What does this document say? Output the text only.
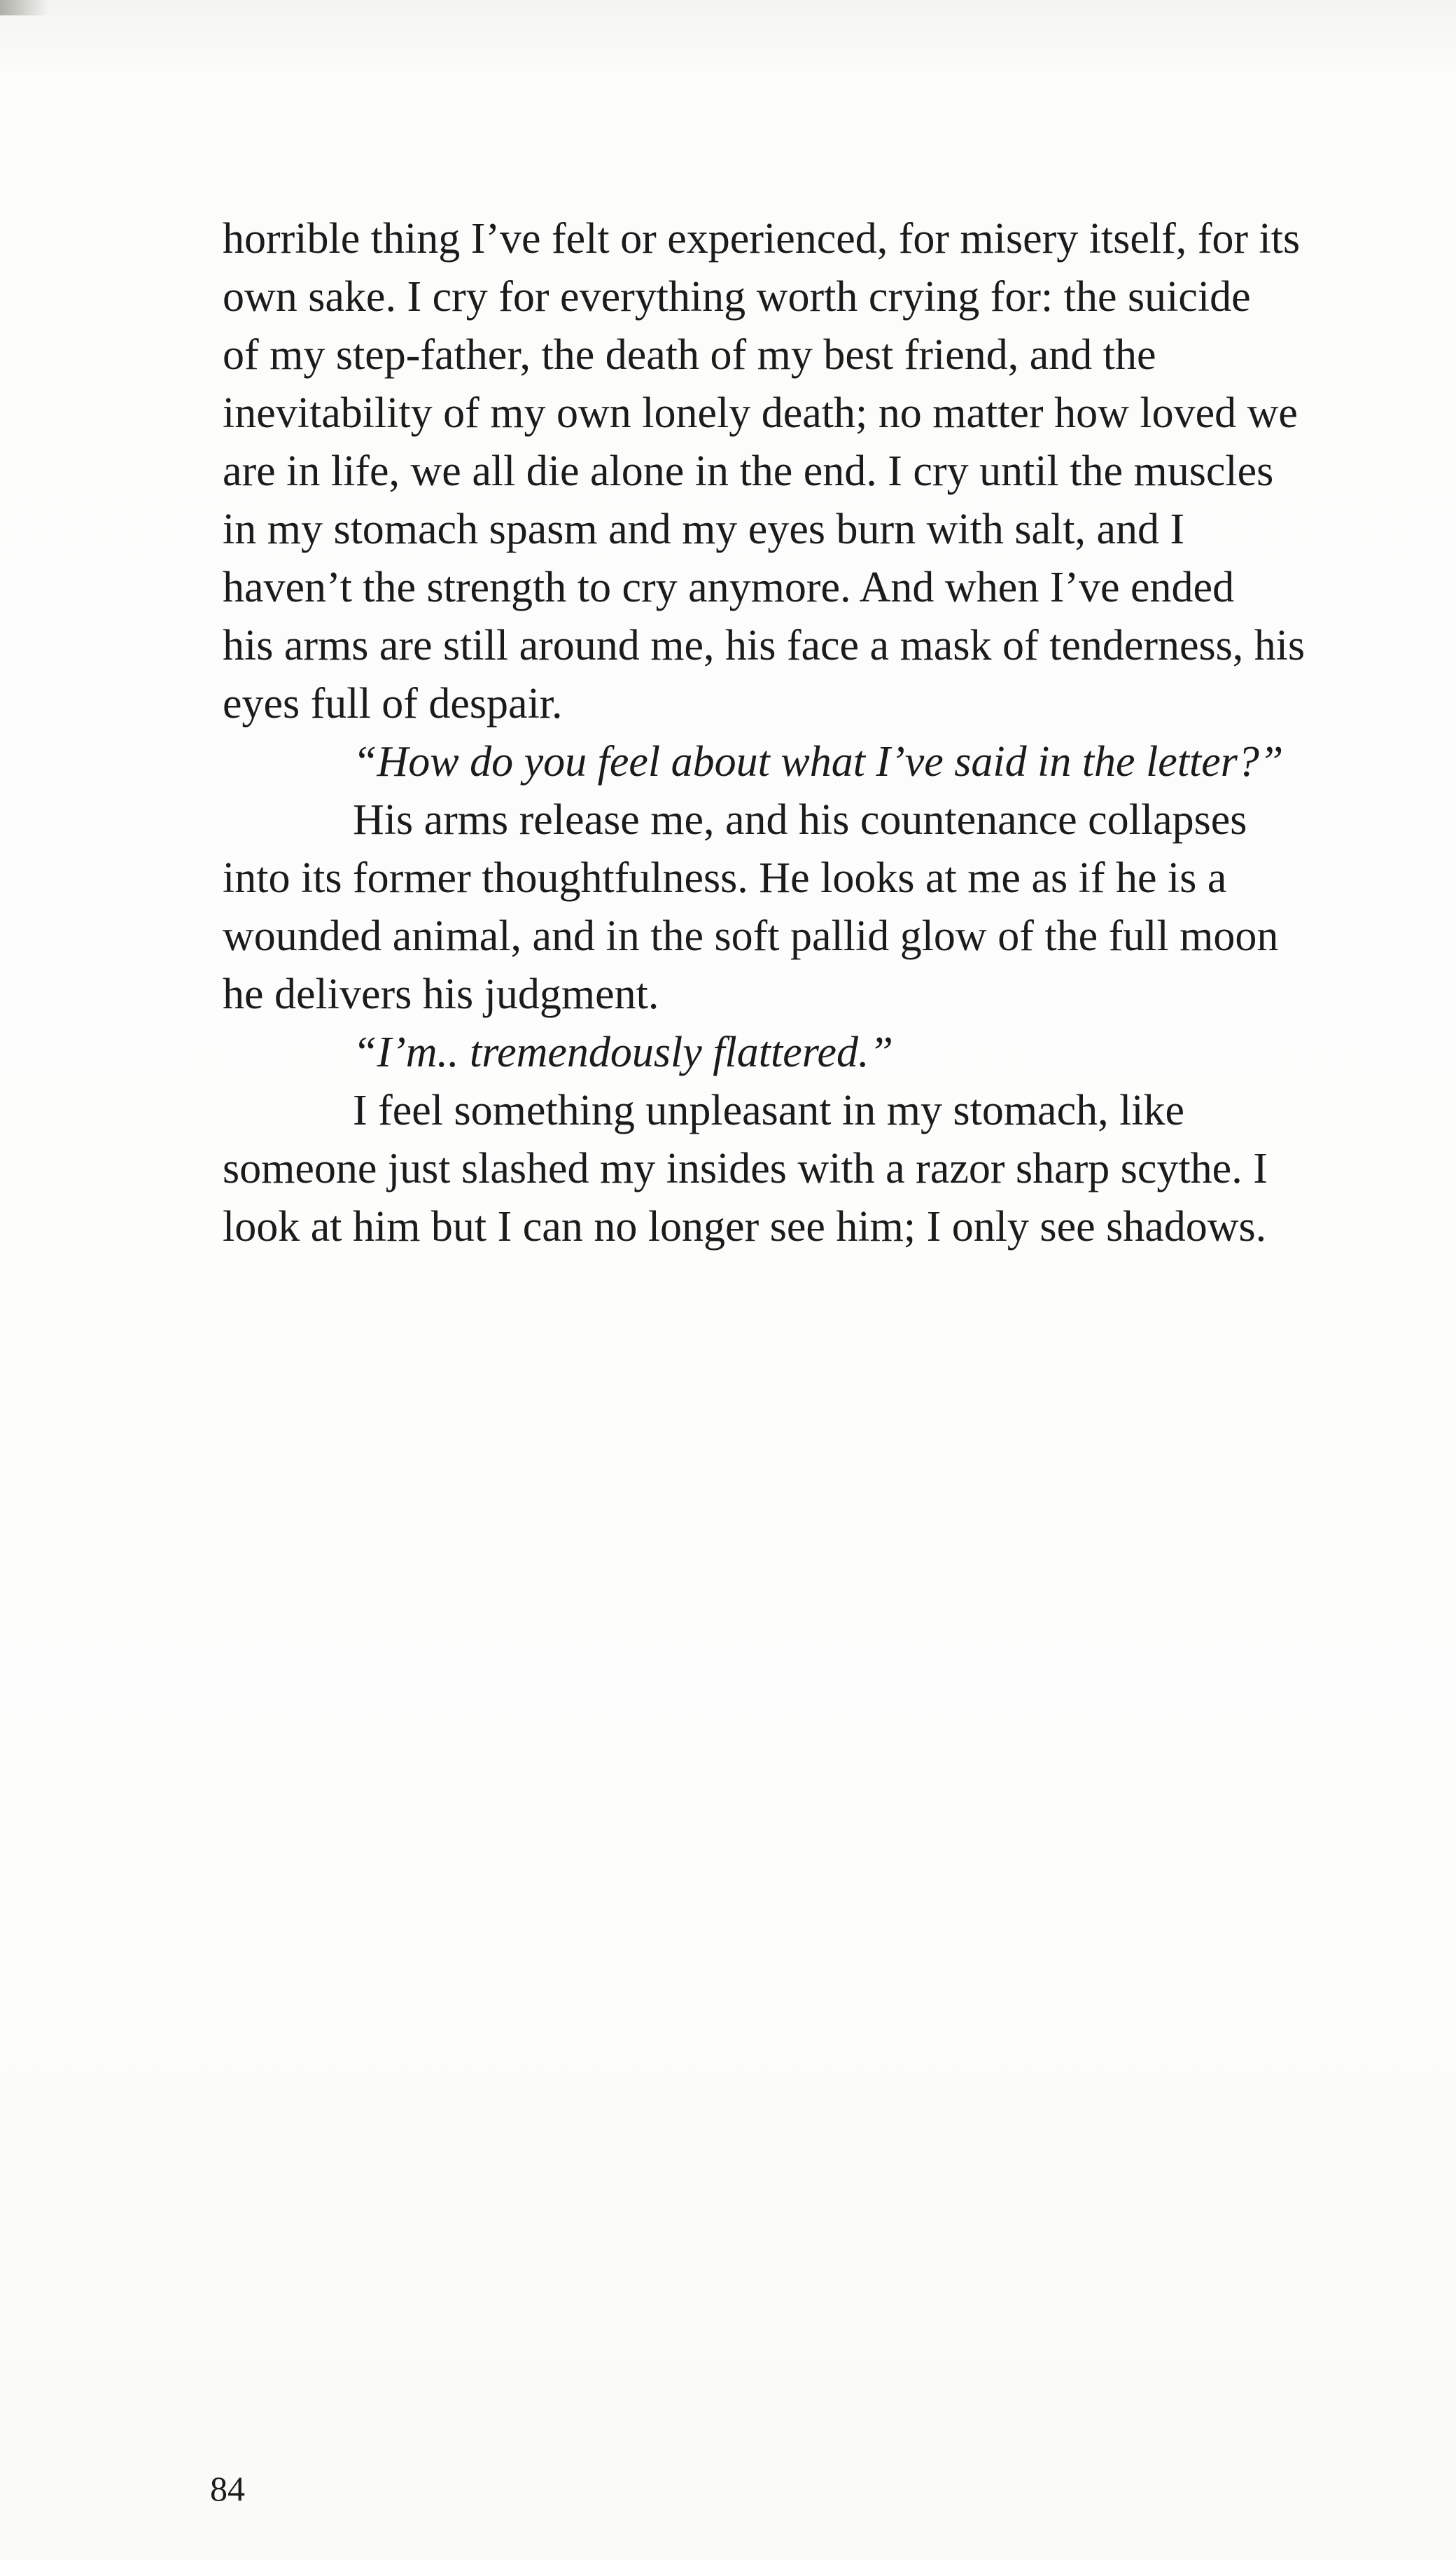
horrible thing I’ve felt or experienced, for misery itself, for its
own sake. I cry for everything worth crying for: the suicide
of my step-father, the death of my best friend, and the
inevitability of my own lonely death; no matter how loved we
are in life, we all die alone in the end. I cry until the muscles
in my stomach spasm and my eyes burn with salt, and I
haven’t the strength to cry anymore. And when I’ve ended
his arms are still around me, his face a mask of tenderness, his
eyes full of despair.
“How do you feel about what I’ve said in the letter?”
His arms release me, and his countenance collapses
into its former thoughtfulness. He looks at me as if he is a
wounded animal, and in the soft pallid glow of the full moon
he delivers his judgment.
“I’m.. tremendously flattered.”
I feel something unpleasant in my stomach, like
someone just slashed my insides with a razor sharp scythe. I
look at him but I can no longer see him; I only see shadows.
84
